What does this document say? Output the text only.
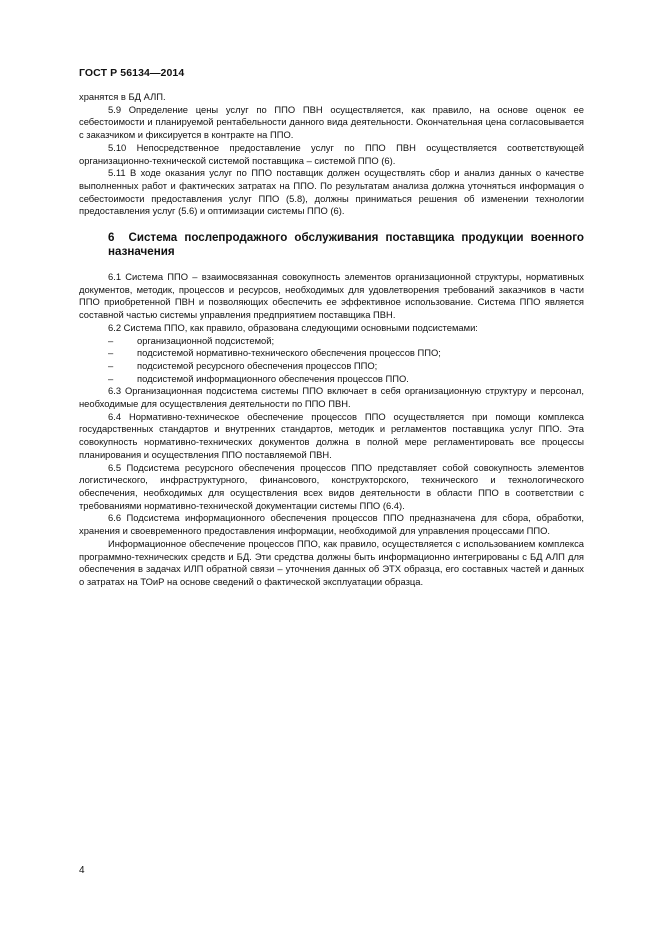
ГОСТ Р 56134—2014

хранятся в БД АЛП.

5.9 Определение цены услуг по ППО ПВН осуществляется, как правило, на основе оценок ее себестоимости и планируемой рентабельности данного вида деятельности. Окончательная цена согласовывается с заказчиком и фиксируется в контракте на ППО.

5.10 Непосредственное предоставление услуг по ППО ПВН осуществляется соответствующей организационно-технической системой поставщика – системой ППО (6).

5.11 В ходе оказания услуг по ППО поставщик должен осуществлять сбор и анализ данных о качестве выполненных работ и фактических затратах на ППО. По результатам анализа должна уточняться информация о себестоимости предоставления услуг ППО (5.8), должны приниматься решения об изменении технологии предоставления услуг (5.6) и оптимизации системы ППО (6).

6 Система послепродажного обслуживания поставщика продукции военного назначения

6.1 Система ППО – взаимосвязанная совокупность элементов организационной структуры, нормативных документов, методик, процессов и ресурсов, необходимых для удовлетворения требований заказчиков в части ППО приобретенной ПВН и позволяющих обеспечить ее эффективное использование. Система ППО является составной частью системы управления предприятием поставщика ПВН.

6.2 Система ППО, как правило, образована следующими основными подсистемами:

–	организационной подсистемой;
–	подсистемой нормативно-технического обеспечения процессов ППО;
–	подсистемой ресурсного обеспечения процессов ППО;
–	подсистемой информационного обеспечения процессов ППО.

6.3 Организационная подсистема системы ППО включает в себя организационную структуру и персонал, необходимые для осуществления деятельности по ППО ПВН.

6.4 Нормативно-техническое обеспечение процессов ППО осуществляется при помощи комплекса государственных стандартов и внутренних стандартов, методик и регламентов поставщика услуг ППО. Эта совокупность нормативно-технических документов должна в полной мере регламентировать все процессы планирования и осуществления ППО поставляемой ПВН.

6.5 Подсистема ресурсного обеспечения процессов ППО представляет собой совокупность элементов логистического, инфраструктурного, финансового, конструкторского, технического и технологического обеспечения, необходимых для осуществления всех видов деятельности в области ППО в соответствии с требованиями нормативно-технической документации системы ППО (6.4).

6.6 Подсистема информационного обеспечения процессов ППО предназначена для сбора, обработки, хранения и своевременного предоставления информации, необходимой для управления процессами ППО.

Информационное обеспечение процессов ППО, как правило, осуществляется с использованием комплекса программно-технических средств и БД. Эти средства должны быть информационно интегрированы с БД АЛП для обеспечения в задачах ИЛП обратной связи – уточнения данных об ЭТХ образца, его составных частей и данных о затратах на ТОиР на основе сведений о фактической эксплуатации образца.

4
